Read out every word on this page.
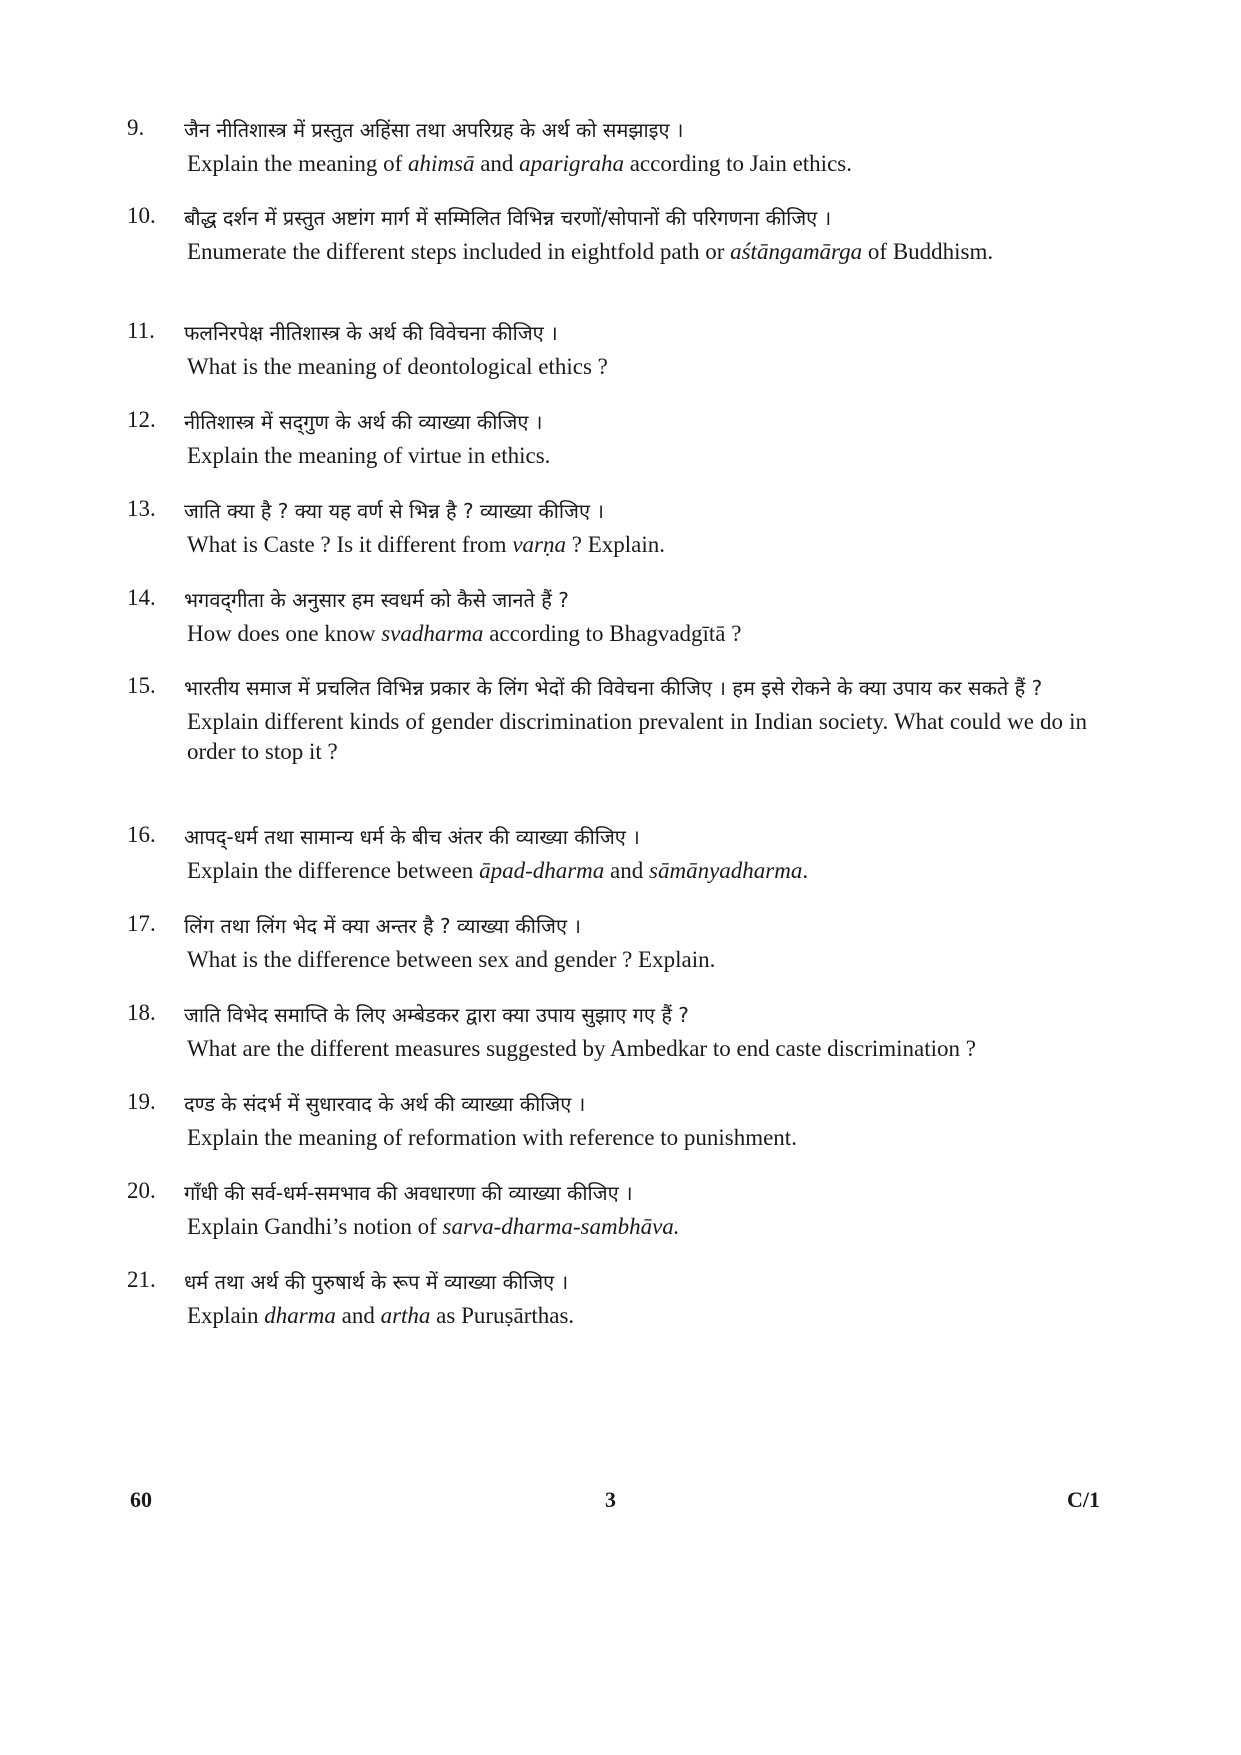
9. जैन नीतिशास्त्र में प्रस्तुत अहिंसा तथा अपरिग्रह के अर्थ को समझाइए ।
Explain the meaning of ahimsā and aparigraha according to Jain ethics.
10. बौद्ध दर्शन में प्रस्तुत अष्टांग मार्ग में सम्मिलित विभिन्न चरणों/सोपानों की परिगणना कीजिए ।
Enumerate the different steps included in eightfold path or aśtāngamārga of Buddhism.
11. फलनिरपेक्ष नीतिशास्त्र के अर्थ की विवेचना कीजिए ।
What is the meaning of deontological ethics ?
12. नीतिशास्त्र में सद्‌गुण के अर्थ की व्याख्या कीजिए ।
Explain the meaning of virtue in ethics.
13. जाति क्या है ? क्या यह वर्ण से भिन्न है ? व्याख्या कीजिए ।
What is Caste ? Is it different from varṇa ? Explain.
14. भगवद्‌गीता के अनुसार हम स्वधर्म को कैसे जानते हैं ?
How does one know svadharma according to Bhagvadgītā ?
15. भारतीय समाज में प्रचलित विभिन्न प्रकार के लिंग भेदों की विवेचना कीजिए । हम इसे रोकने के क्या उपाय कर सकते हैं ?
Explain different kinds of gender discrimination prevalent in Indian society. What could we do in order to stop it ?
16. आपद्-धर्म तथा सामान्य धर्म के बीच अंतर की व्याख्या कीजिए ।
Explain the difference between āpad-dharma and sāmānyadharma.
17. लिंग तथा लिंग भेद में क्या अन्तर है ? व्याख्या कीजिए ।
What is the difference between sex and gender ? Explain.
18. जाति विभेद समाप्ति के लिए अम्बेडकर द्वारा क्या उपाय सुझाए गए हैं ?
What are the different measures suggested by Ambedkar to end caste discrimination ?
19. दण्ड के संदर्भ में सुधारवाद के अर्थ की व्याख्या कीजिए ।
Explain the meaning of reformation with reference to punishment.
20. गाँधी की सर्व-धर्म-समभाव की अवधारणा की व्याख्या कीजिए ।
Explain Gandhi’s notion of sarva-dharma-sambhāva.
21. धर्म तथा अर्थ की पुरुषार्थ के रूप में व्याख्या कीजिए ।
Explain dharma and artha as Puruṣārthas.
60	3	C/1
